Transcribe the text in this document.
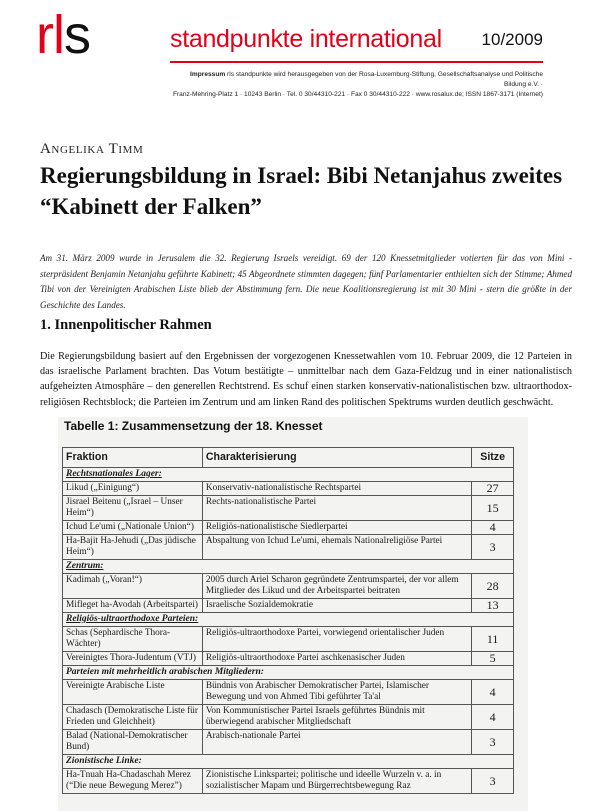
rls	standpunkte international 10/2009
Impressum rls standpunkte wird herausgegeben von der Rosa-Luxemburg-Stiftung, Gesellschaftsanalyse und Politische Bildung e.V. ·
Franz-Mehring-Platz 1 · 10243 Berlin · Tel. 0 30/44310-221 · Fax 0 30/44310-222 · www.rosalux.de; ISSN 1867-3171 (Internet)
Angelika Timm
Regierungsbildung in Israel: Bibi Netanjahus zweites “Kabinett der Falken”
Am 31. März 2009 wurde in Jerusalem die 32. Regierung Israels vereidigt. 69 der 120 Knessetmitglieder votierten für das von Mini - sterpräsident Benjamin Netanjahu geführte Kabinett; 45 Abgeordnete stimmten dagegen; fünf Parlamentarier enthielten sich der Stimme; Ahmed Tibi von der Vereinigten Arabischen Liste blieb der Abstimmung fern. Die neue Koalitionsregierung ist mit 30 Mini - stern die größte in der Geschichte des Landes.
1. Innenpolitischer Rahmen
Die Regierungsbildung basiert auf den Ergebnissen der vorgezogenen Knessetwahlen vom 10. Februar 2009, die 12 Parteien in das israelische Parlament brachten. Das Votum bestätigte – unmittelbar nach dem Gaza-Feldzug und in einer nationalistisch aufgeheizten Atmosphäre – den generellen Rechtstrend. Es schuf einen starken konservativ-nationalistischen bzw. ultraorthodox-religiösen Rechtsblock; die Parteien im Zentrum und am linken Rand des politischen Spektrums wurden deutlich geschwächt.
Tabelle 1: Zusammensetzung der 18. Knesset
Fraktion	Charakterisierung	Sitze
Rechtsnationales Lager:		
Likud („Einigung“)	Konservativ-nationalistische Rechtspartei	27
Jisrael Beitenu („Israel – Unser Heim“)	Rechts-nationalistische Partei	15
Ichud Le'umi („Nationale Union“)	Religiös-nationalistische Siedlerpartei	4
Ha-Bajit Ha-Jehudi („Das jüdische Heim“)	Abspaltung von Ichud Le'umi, ehemals Nationalreligiöse Partei	3
Zentrum:		
Kadimah („Voran!“)	2005 durch Ariel Scharon gegründete Zentrumspartei, der vor allem Mitglieder des Likud und der Arbeitspartei beitraten	28
Mifleget ha-Avodah (Arbeitspartei)	Israelische Sozialdemokratie	13
Religiös-ultraorthodoxe Parteien:		
Schas (Sephardische Thora-Wächter)	Religiös-ultraorthodoxe Partei, vorwiegend orientalischer Juden	11
Vereinigtes Thora-Judentum (VTJ)	Religiös-ultraorthodoxe Partei aschkenasischer Juden	5
Parteien mit mehrheitlich arabischen Mitgliedern:		
Vereinigte Arabische Liste	Bündnis von Arabischer Demokratischer Partei, Islamischer Bewegung und von Ahmed Tibi geführter Ta'al	4
Chadasch (Demokratische Liste für Frieden und Gleichheit)	Von Kommunistischer Partei Israels geführtes Bündnis mit überwiegend arabischer Mitgliedschaft	4
Balad (National-Demokratischer Bund)	Arabisch-nationale Partei	3
Zionistische Linke:		
Ha-Tnuah Ha-Chadaschah Merez (“Die neue Bewegung Merez”)	Zionistische Linkspartei; politische und ideelle Wurzeln v. a. in sozialistischer Mapam und Bürgerrechtsbewegung Raz	3
